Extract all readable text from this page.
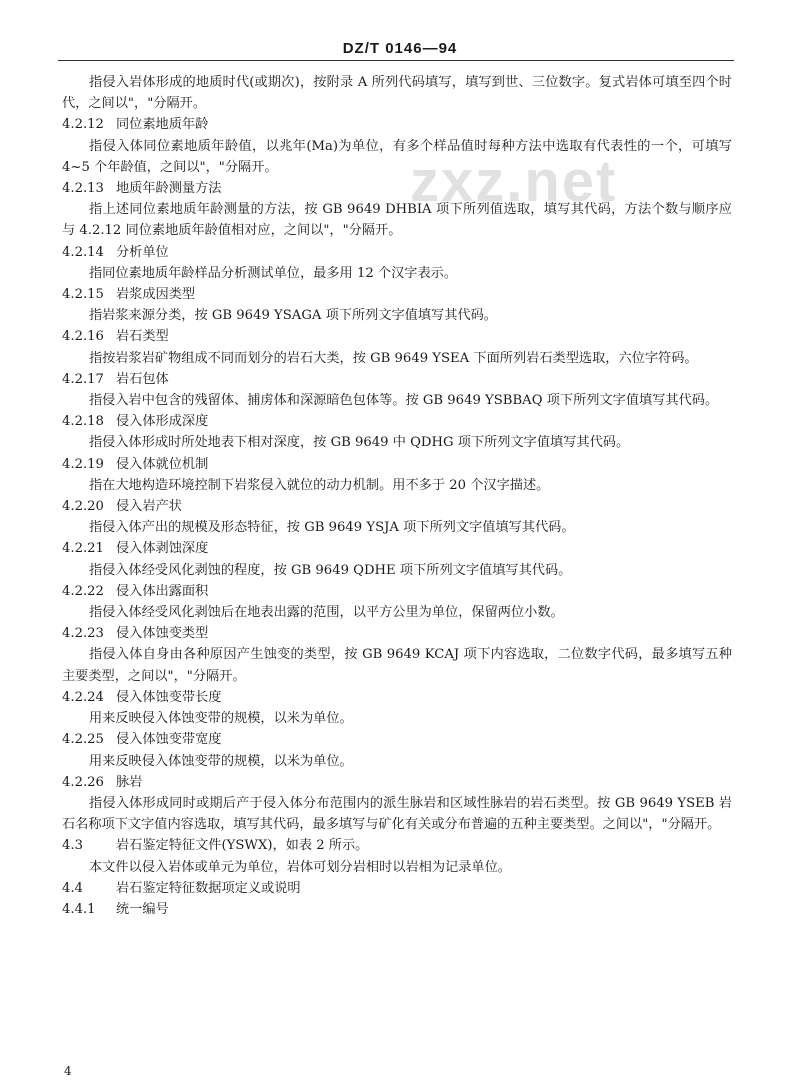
DZ/T 0146—94
zxz.net

指侵入岩体形成的地质时代(或期次)，按附录 A 所列代码填写，填写到世、三位数字。复式岩体可填至四个时代，之间以"，"分隔开。

4.2.12 同位素地质年龄

指侵入体同位素地质年龄值，以兆年(Ma)为单位，有多个样品值时每种方法中选取有代表性的一个，可填写 4~5 个年龄值，之间以"，"分隔开。

4.2.13 地质年龄测量方法

指上述同位素地质年龄测量的方法，按 GB 9649 DHBIA 项下所列值选取，填写其代码，方法个数与顺序应与 4.2.12 同位素地质年龄值相对应，之间以"，"分隔开。

4.2.14 分析单位

指同位素地质年龄样品分析测试单位，最多用 12 个汉字表示。

4.2.15 岩浆成因类型

指岩浆来源分类，按 GB 9649 YSAGA 项下所列文字值填写其代码。

4.2.16 岩石类型

指按岩浆岩矿物组成不同而划分的岩石大类，按 GB 9649 YSEA 下面所列岩石类型选取，六位字符码。

4.2.17 岩石包体

指侵入岩中包含的残留体、捕虏体和深源暗色包体等。按 GB 9649 YSBBAQ 项下所列文字值填写其代码。

4.2.18 侵入体形成深度

指侵入体形成时所处地表下相对深度，按 GB 9649 中 QDHG 项下所列文字值填写其代码。

4.2.19 侵入体就位机制

指在大地构造环境控制下岩浆侵入就位的动力机制。用不多于 20 个汉字描述。

4.2.20 侵入岩产状

指侵入体产出的规模及形态特征，按 GB 9649 YSJA 项下所列文字值填写其代码。

4.2.21 侵入体剥蚀深度

指侵入体经受风化剥蚀的程度，按 GB 9649 QDHE 项下所列文字值填写其代码。

4.2.22 侵入体出露面积

指侵入体经受风化剥蚀后在地表出露的范围，以平方公里为单位，保留两位小数。

4.2.23 侵入体蚀变类型

指侵入体自身由各种原因产生蚀变的类型，按 GB 9649 KCAJ 项下内容选取，二位数字代码，最多填写五种主要类型，之间以"，"分隔开。

4.2.24 侵入体蚀变带长度

用来反映侵入体蚀变带的规模，以米为单位。

4.2.25 侵入体蚀变带宽度

用来反映侵入体蚀变带的规模，以米为单位。

4.2.26 脉岩

指侵入体形成同时或期后产于侵入体分布范围内的派生脉岩和区域性脉岩的岩石类型。按 GB 9649 YSEB 岩石名称项下文字值内容选取，填写其代码，最多填写与矿化有关或分布普遍的五种主要类型。之间以"，"分隔开。

4.3	岩石鉴定特征文件(YSWX)，如表 2 所示。

本文件以侵入岩体或单元为单位，岩体可划分岩相时以岩相为记录单位。

4.4	岩石鉴定特征数据项定义或说明

4.4.1 统一编号

4
